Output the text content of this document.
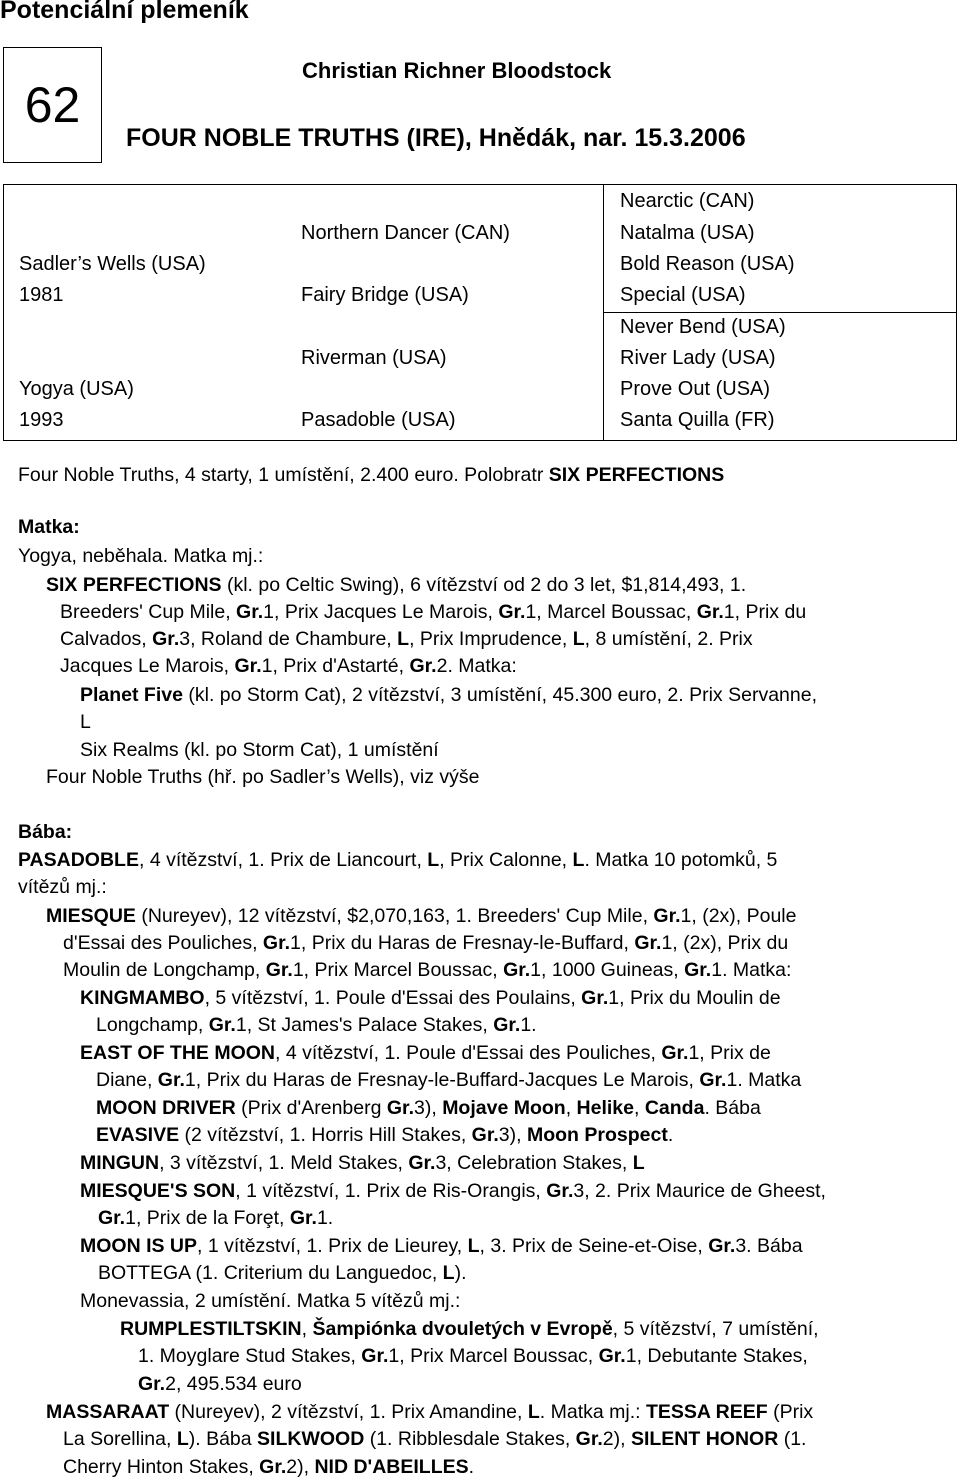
Potenciální plemeník
62
Christian Richner Bloodstock
FOUR NOBLE TRUTHS (IRE), Hnědák, nar. 15.3.2006
Sadler’s Wells (USA)
1981
Yogya (USA)
1993
Northern Dancer (CAN)
Fairy Bridge (USA)
Riverman (USA)
Pasadoble (USA)
Nearctic (CAN)
Natalma (USA)
Bold Reason (USA)
Special (USA)
Never Bend (USA)
River Lady (USA)
Prove Out (USA)
Santa Quilla (FR)
Four Noble Truths, 4 starty, 1 umístění, 2.400 euro. Polobratr SIX PERFECTIONS
Matka:
Yogya, neběhala. Matka mj.:
SIX PERFECTIONS (kl. po Celtic Swing), 6 vítězství od 2 do 3 let, $1,814,493, 1.
Breeders' Cup Mile, Gr.1, Prix Jacques Le Marois, Gr.1, Marcel Boussac, Gr.1, Prix du
Calvados, Gr.3, Roland de Chambure, L, Prix Imprudence, L, 8 umístění, 2. Prix
Jacques Le Marois, Gr.1, Prix d'Astarté, Gr.2. Matka:
Planet Five (kl. po Storm Cat), 2 vítězství, 3 umístění, 45.300 euro, 2. Prix Servanne,
L
Six Realms (kl. po Storm Cat), 1 umístění
Four Noble Truths (hř. po Sadler’s Wells), viz výše
Bába:
PASADOBLE, 4 vítězství, 1. Prix de Liancourt, L, Prix Calonne, L. Matka 10 potomků, 5
vítězů mj.:
MIESQUE (Nureyev), 12 vítězství, $2,070,163, 1. Breeders' Cup Mile, Gr.1, (2x), Poule
d'Essai des Pouliches, Gr.1, Prix du Haras de Fresnay-le-Buffard, Gr.1, (2x), Prix du
Moulin de Longchamp, Gr.1, Prix Marcel Boussac, Gr.1, 1000 Guineas, Gr.1. Matka:
KINGMAMBO, 5 vítězství, 1. Poule d'Essai des Poulains, Gr.1, Prix du Moulin de
Longchamp, Gr.1, St James's Palace Stakes, Gr.1.
EAST OF THE MOON, 4 vítězství, 1. Poule d'Essai des Pouliches, Gr.1, Prix de
Diane, Gr.1, Prix du Haras de Fresnay-le-Buffard-Jacques Le Marois, Gr.1. Matka
MOON DRIVER (Prix d'Arenberg Gr.3), Mojave Moon, Helike, Canda. Bába
EVASIVE (2 vítězství, 1. Horris Hill Stakes, Gr.3), Moon Prospect.
MINGUN, 3 vítězství, 1. Meld Stakes, Gr.3, Celebration Stakes, L
MIESQUE'S SON, 1 vítězství, 1. Prix de Ris-Orangis, Gr.3, 2. Prix Maurice de Gheest,
Gr.1, Prix de la Forȩt, Gr.1.
MOON IS UP, 1 vítězství, 1. Prix de Lieurey, L, 3. Prix de Seine-et-Oise, Gr.3. Bába
BOTTEGA (1. Criterium du Languedoc, L).
Monevassia, 2 umístění. Matka 5 vítězů mj.:
RUMPLESTILTSKIN, Šampiónka dvouletých v Evropě, 5 vítězství, 7 umístění,
1. Moyglare Stud Stakes, Gr.1, Prix Marcel Boussac, Gr.1, Debutante Stakes,
Gr.2, 495.534 euro
MASSARAAT (Nureyev), 2 vítězství, 1. Prix Amandine, L. Matka mj.: TESSA REEF (Prix
La Sorellina, L). Bába SILKWOOD (1. Ribblesdale Stakes, Gr.2), SILENT HONOR (1.
Cherry Hinton Stakes, Gr.2), NID D'ABEILLES.
